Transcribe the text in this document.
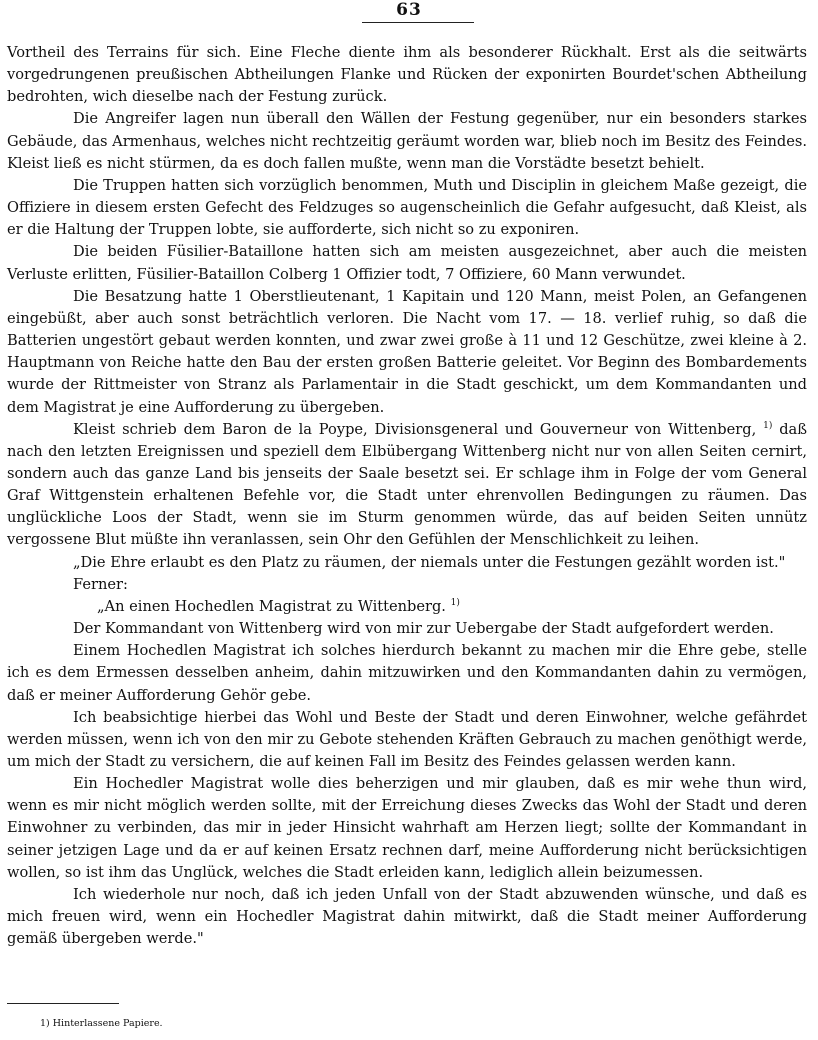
63

Vortheil des Terrains für sich. Eine Fleche diente ihm als besonderer Rückhalt. Erst als die seitwärts vorgedrungenen preußischen Abtheilungen Flanke und Rücken der exponirten Bourdet'schen Abtheilung bedrohten, wich dieselbe nach der Festung zurück.

Die Angreifer lagen nun überall den Wällen der Festung gegenüber, nur ein besonders starkes Gebäude, das Armenhaus, welches nicht rechtzeitig geräumt worden war, blieb noch im Besitz des Feindes. Kleist ließ es nicht stürmen, da es doch fallen mußte, wenn man die Vorstädte besetzt behielt.

Die Truppen hatten sich vorzüglich benommen, Muth und Disciplin in gleichem Maße gezeigt, die Offiziere in diesem ersten Gefecht des Feldzuges so augenscheinlich die Gefahr aufgesucht, daß Kleist, als er die Haltung der Truppen lobte, sie aufforderte, sich nicht so zu exponiren.

Die beiden Füsilier-Bataillone hatten sich am meisten ausgezeichnet, aber auch die meisten Verluste erlitten, Füsilier-Bataillon Colberg 1 Offizier todt, 7 Offiziere, 60 Mann verwundet.

Die Besatzung hatte 1 Oberstlieutenant, 1 Kapitain und 120 Mann, meist Polen, an Gefangenen eingebüßt, aber auch sonst beträchtlich verloren. Die Nacht vom 17. — 18. verlief ruhig, so daß die Batterien ungestört gebaut werden konnten, und zwar zwei große à 11 und 12 Geschütze, zwei kleine à 2. Hauptmann von Reiche hatte den Bau der ersten großen Batterie geleitet. Vor Beginn des Bombardements wurde der Rittmeister von Stranz als Parlamentair in die Stadt geschickt, um dem Kommandanten und dem Magistrat je eine Aufforderung zu übergeben.

Kleist schrieb dem Baron de la Poype, Divisionsgeneral und Gouverneur von Wittenberg, $^{1)}$ daß nach den letzten Ereignissen und speziell dem Elbübergang Wittenberg nicht nur von allen Seiten cernirt, sondern auch das ganze Land bis jenseits der Saale besetzt sei. Er schlage ihm in Folge der vom General Graf Wittgenstein erhaltenen Befehle vor, die Stadt unter ehrenvollen Bedingungen zu räumen. Das unglückliche Loos der Stadt, wenn sie im Sturm genommen würde, das auf beiden Seiten unnütz vergossene Blut müßte ihn veranlassen, sein Ohr den Gefühlen der Menschlichkeit zu leihen.

„Die Ehre erlaubt es den Platz zu räumen, der niemals unter die Festungen gezählt worden ist."

Ferner:

„An einen Hochedlen Magistrat zu Wittenberg. $^{1)}$

Der Kommandant von Wittenberg wird von mir zur Uebergabe der Stadt aufgefordert werden.

Einem Hochedlen Magistrat ich solches hierdurch bekannt zu machen mir die Ehre gebe, stelle ich es dem Ermessen desselben anheim, dahin mitzuwirken und den Kommandanten dahin zu vermögen, daß er meiner Aufforderung Gehör gebe.

Ich beabsichtige hierbei das Wohl und Beste der Stadt und deren Einwohner, welche gefährdet werden müssen, wenn ich von den mir zu Gebote stehenden Kräften Gebrauch zu machen genöthigt werde, um mich der Stadt zu versichern, die auf keinen Fall im Besitz des Feindes gelassen werden kann.

Ein Hochedler Magistrat wolle dies beherzigen und mir glauben, daß es mir wehe thun wird, wenn es mir nicht möglich werden sollte, mit der Erreichung dieses Zwecks das Wohl der Stadt und deren Einwohner zu verbinden, das mir in jeder Hinsicht wahrhaft am Herzen liegt; sollte der Kommandant in seiner jetzigen Lage und da er auf keinen Ersatz rechnen darf, meine Aufforderung nicht berücksichtigen wollen, so ist ihm das Unglück, welches die Stadt erleiden kann, lediglich allein beizumessen.

Ich wiederhole nur noch, daß ich jeden Unfall von der Stadt abzuwenden wünsche, und daß es mich freuen wird, wenn ein Hochedler Magistrat dahin mitwirkt, daß die Stadt meiner Aufforderung gemäß übergeben werde."

1) Hinterlassene Papiere.
